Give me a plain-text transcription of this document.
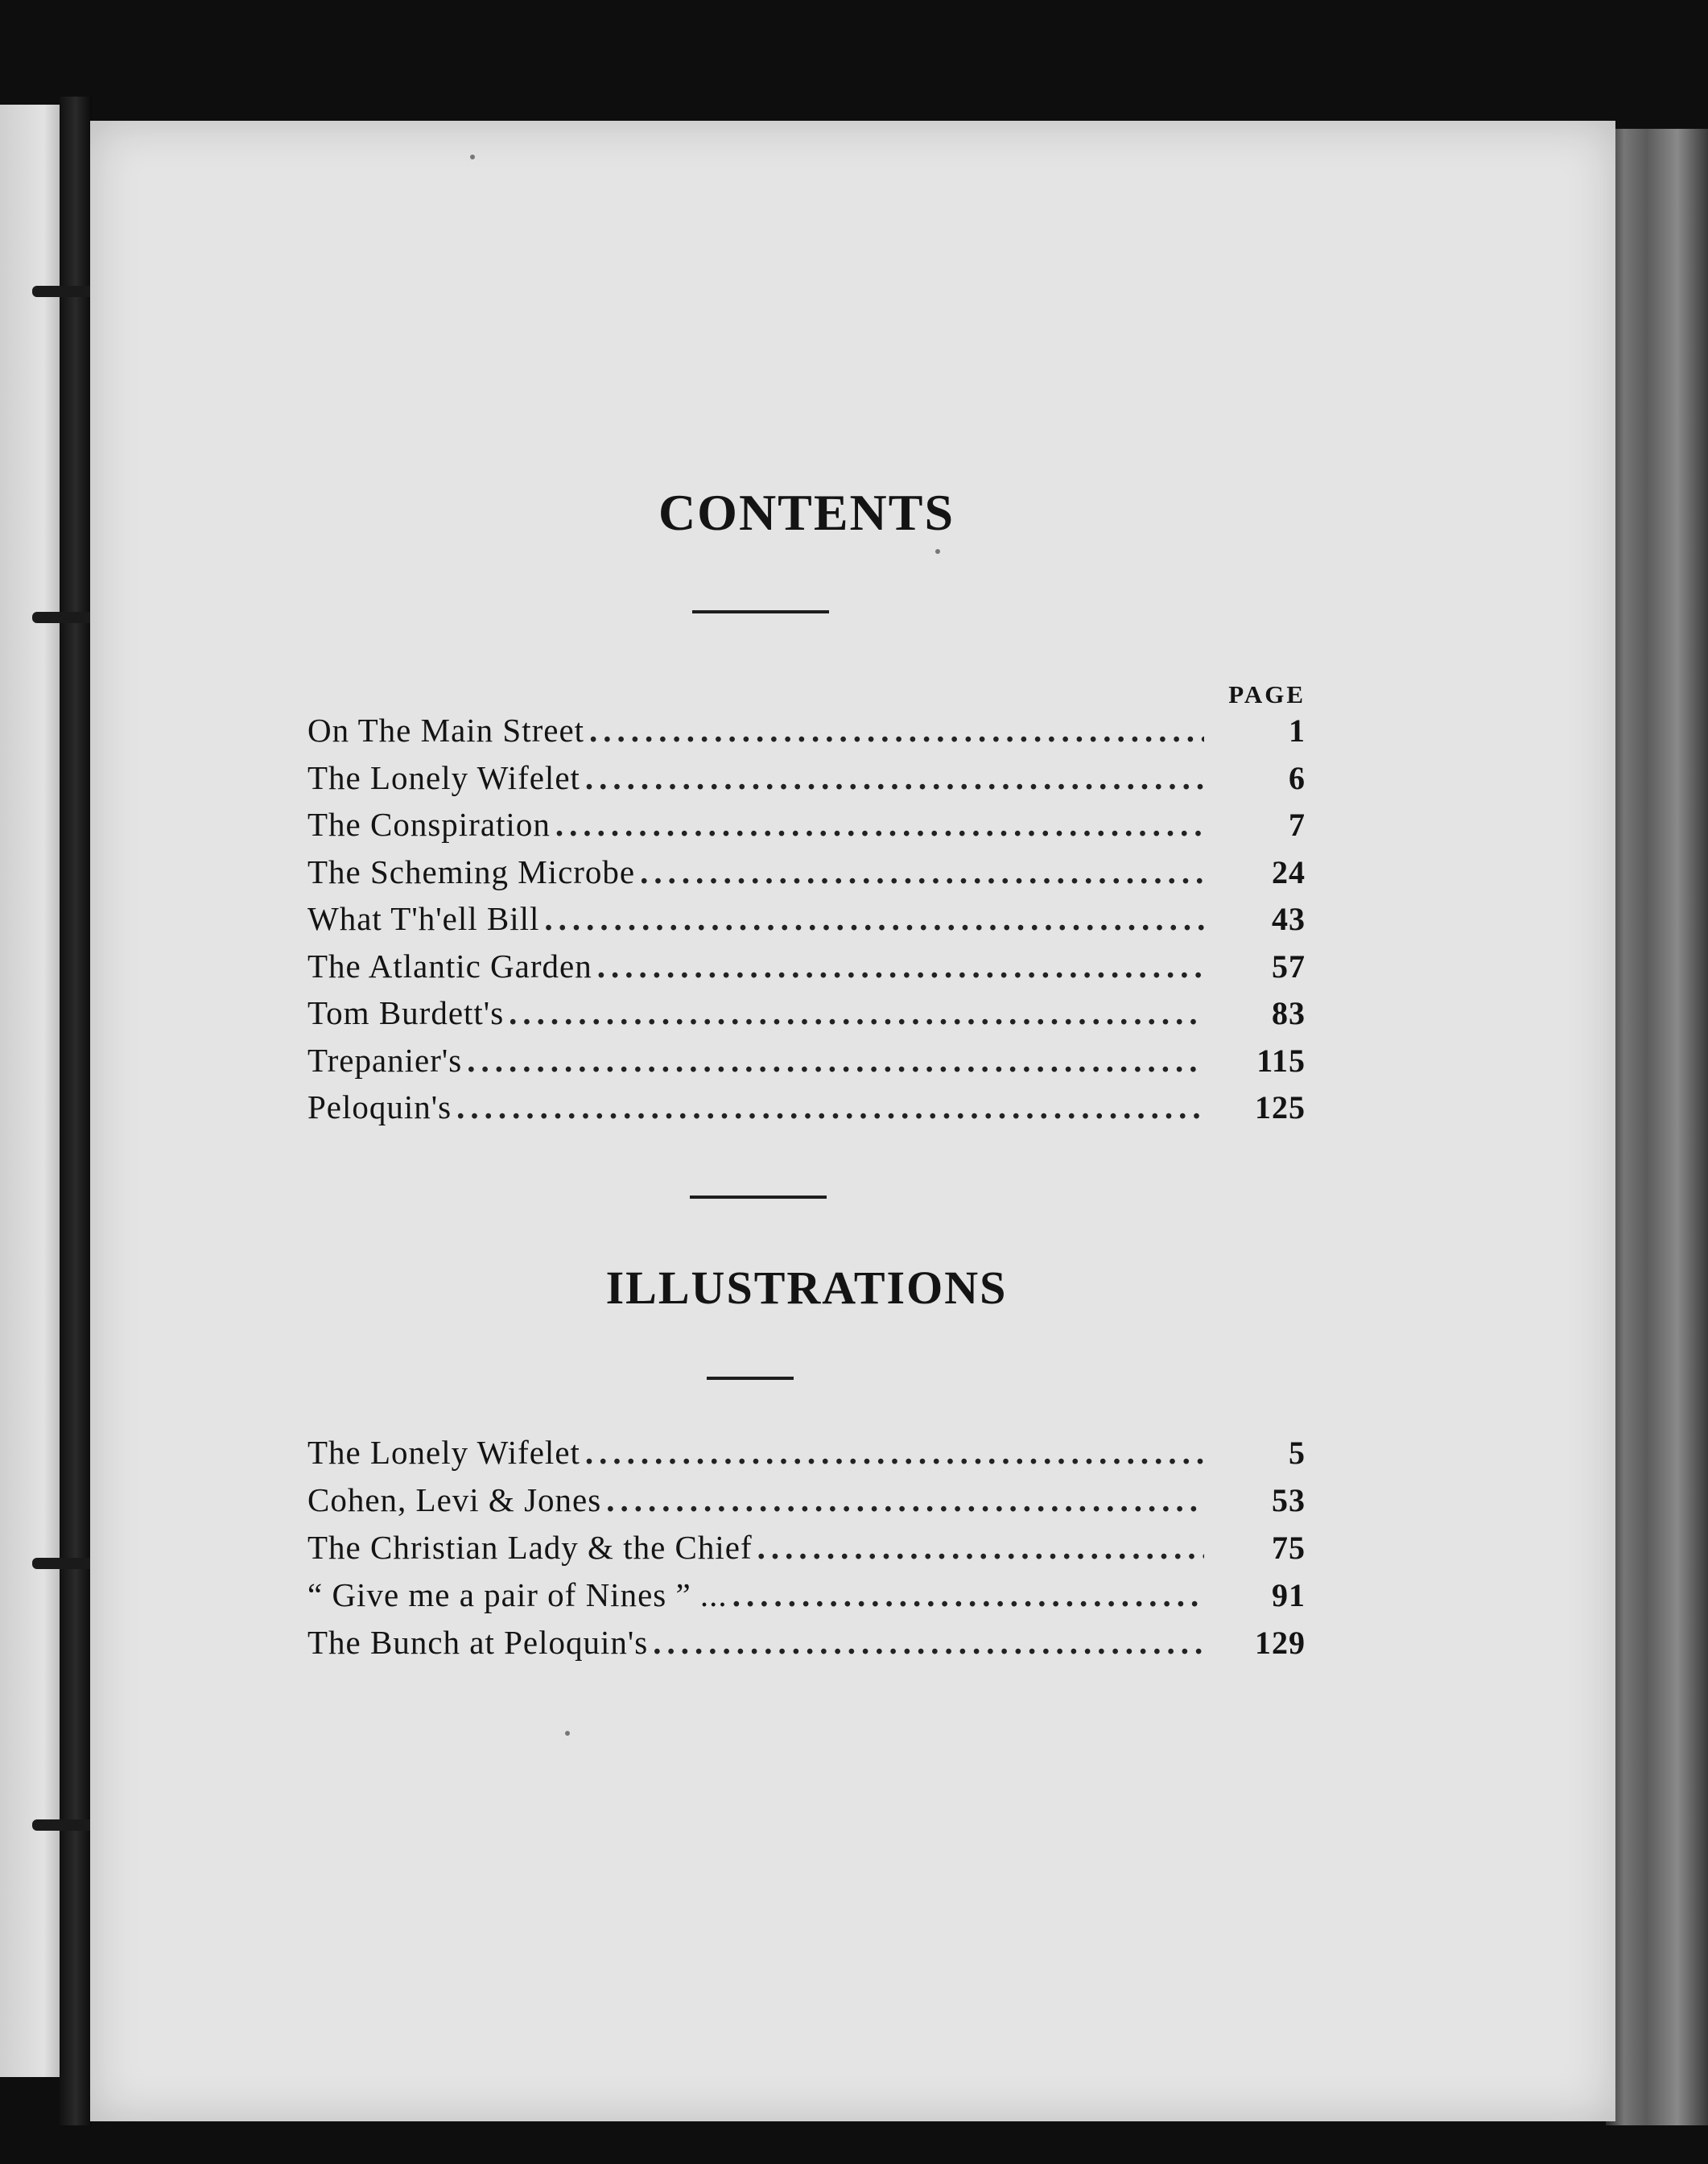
CONTENTS
PAGE
On The Main Street .....	1
The Lonely Wifelet .....	6
The Conspiration .....	7
The Scheming Microbe .....	24
What T'h'ell Bill .....	43
The Atlantic Garden .....	57
Tom Burdett's .....	83
Trepanier's .....	115
Peloquin's .....	125
ILLUSTRATIONS
The Lonely Wifelet .....	5
Cohen, Levi & Jones .....	53
The Christian Lady & the Chief .....	75
“ Give me a pair of Nines ” ... .....	91
The Bunch at Peloquin's .....	129
